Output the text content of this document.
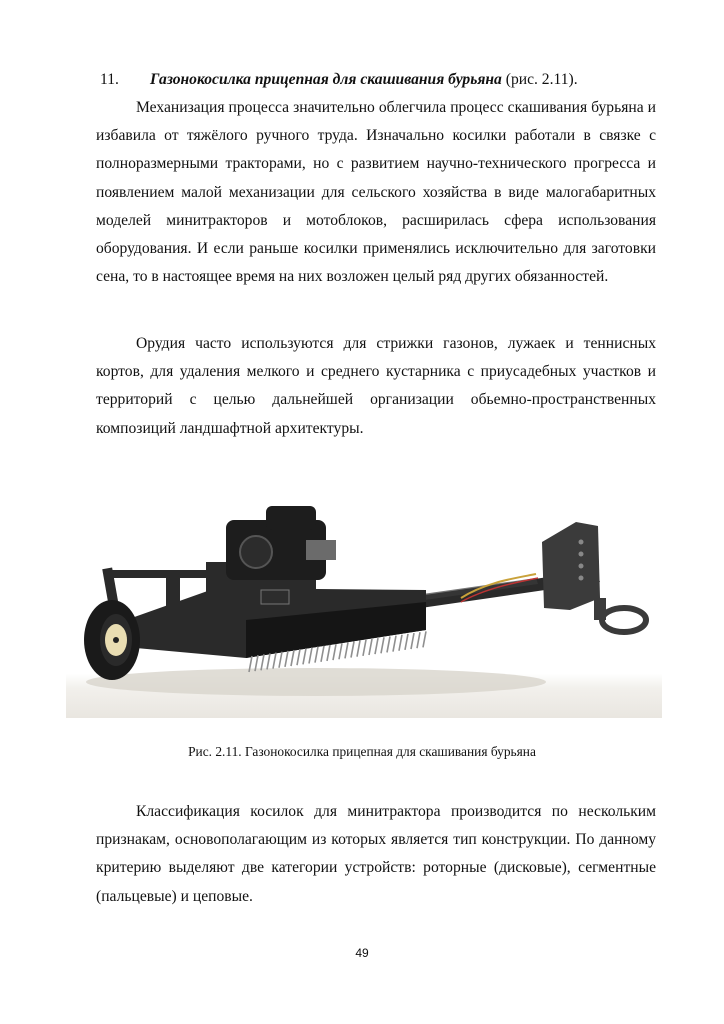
11. Газонокосилка прицепная для скашивания бурьяна (рис. 2.11).

Механизация процесса значительно облегчила процесс скашивания бурьяна и избавила от тяжёлого ручного труда. Изначально косилки работали в связке с полноразмерными тракторами, но с развитием научно-технического прогресса и появлением малой механизации для сельского хозяйства в виде малогабаритных моделей минитракторов и мотоблоков, расширилась сфера использования оборудования. И если раньше косилки применялись исключительно для заготовки сена, то в настоящее время на них возложен целый ряд других обязанностей.

Орудия часто используются для стрижки газонов, лужаек и теннисных кортов, для удаления мелкого и среднего кустарника с приусадебных участков и территорий с целью дальнейшей организации обьемно-пространственных композиций ландшафтной архитектуры.

Рис. 2.11. Газонокосилка прицепная для скашивания бурьяна

Классификация косилок для минитрактора производится по нескольким признакам, основополагающим из которых является тип конструкции. По данному критерию выделяют две категории устройств: роторные (дисковые), сегментные (пальцевые) и цеповые.

49
